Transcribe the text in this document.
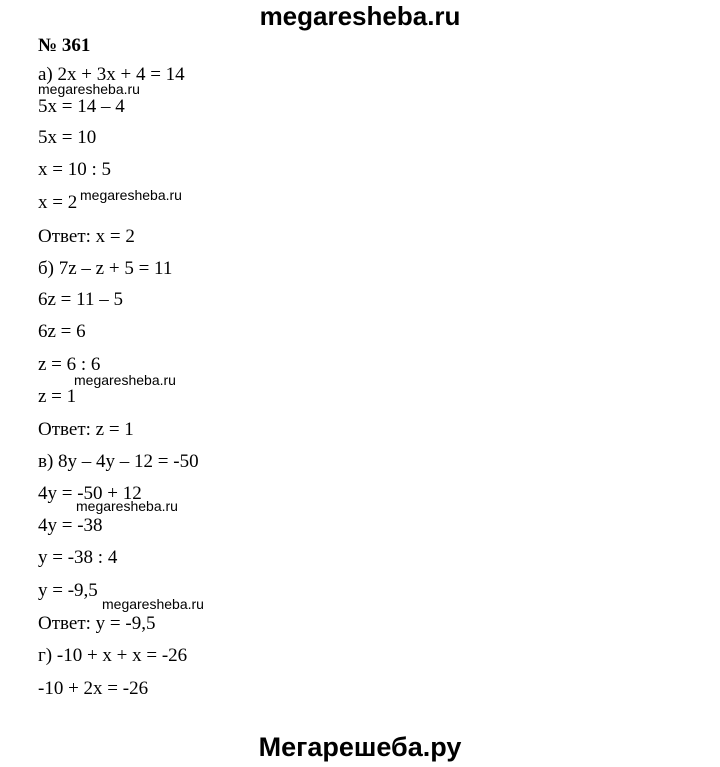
megaresheba.ru
№ 361
а) 2x + 3x + 4 = 14
5x = 14 – 4
5x = 10
x = 10 : 5
x = 2
Ответ: x = 2
б) 7z – z + 5 = 11
6z = 11 – 5
6z = 6
z = 6 : 6
z = 1
Ответ: z = 1
в) 8y – 4y – 12 = -50
4y = -50 + 12
4y = -38
y = -38 : 4
y = -9,5
Ответ: y = -9,5
г) -10 + x + x = -26
-10 + 2x = -26
megaresheba.ru
megaresheba.ru
megaresheba.ru
megaresheba.ru
megaresheba.ru
Мегарешеба.ру
